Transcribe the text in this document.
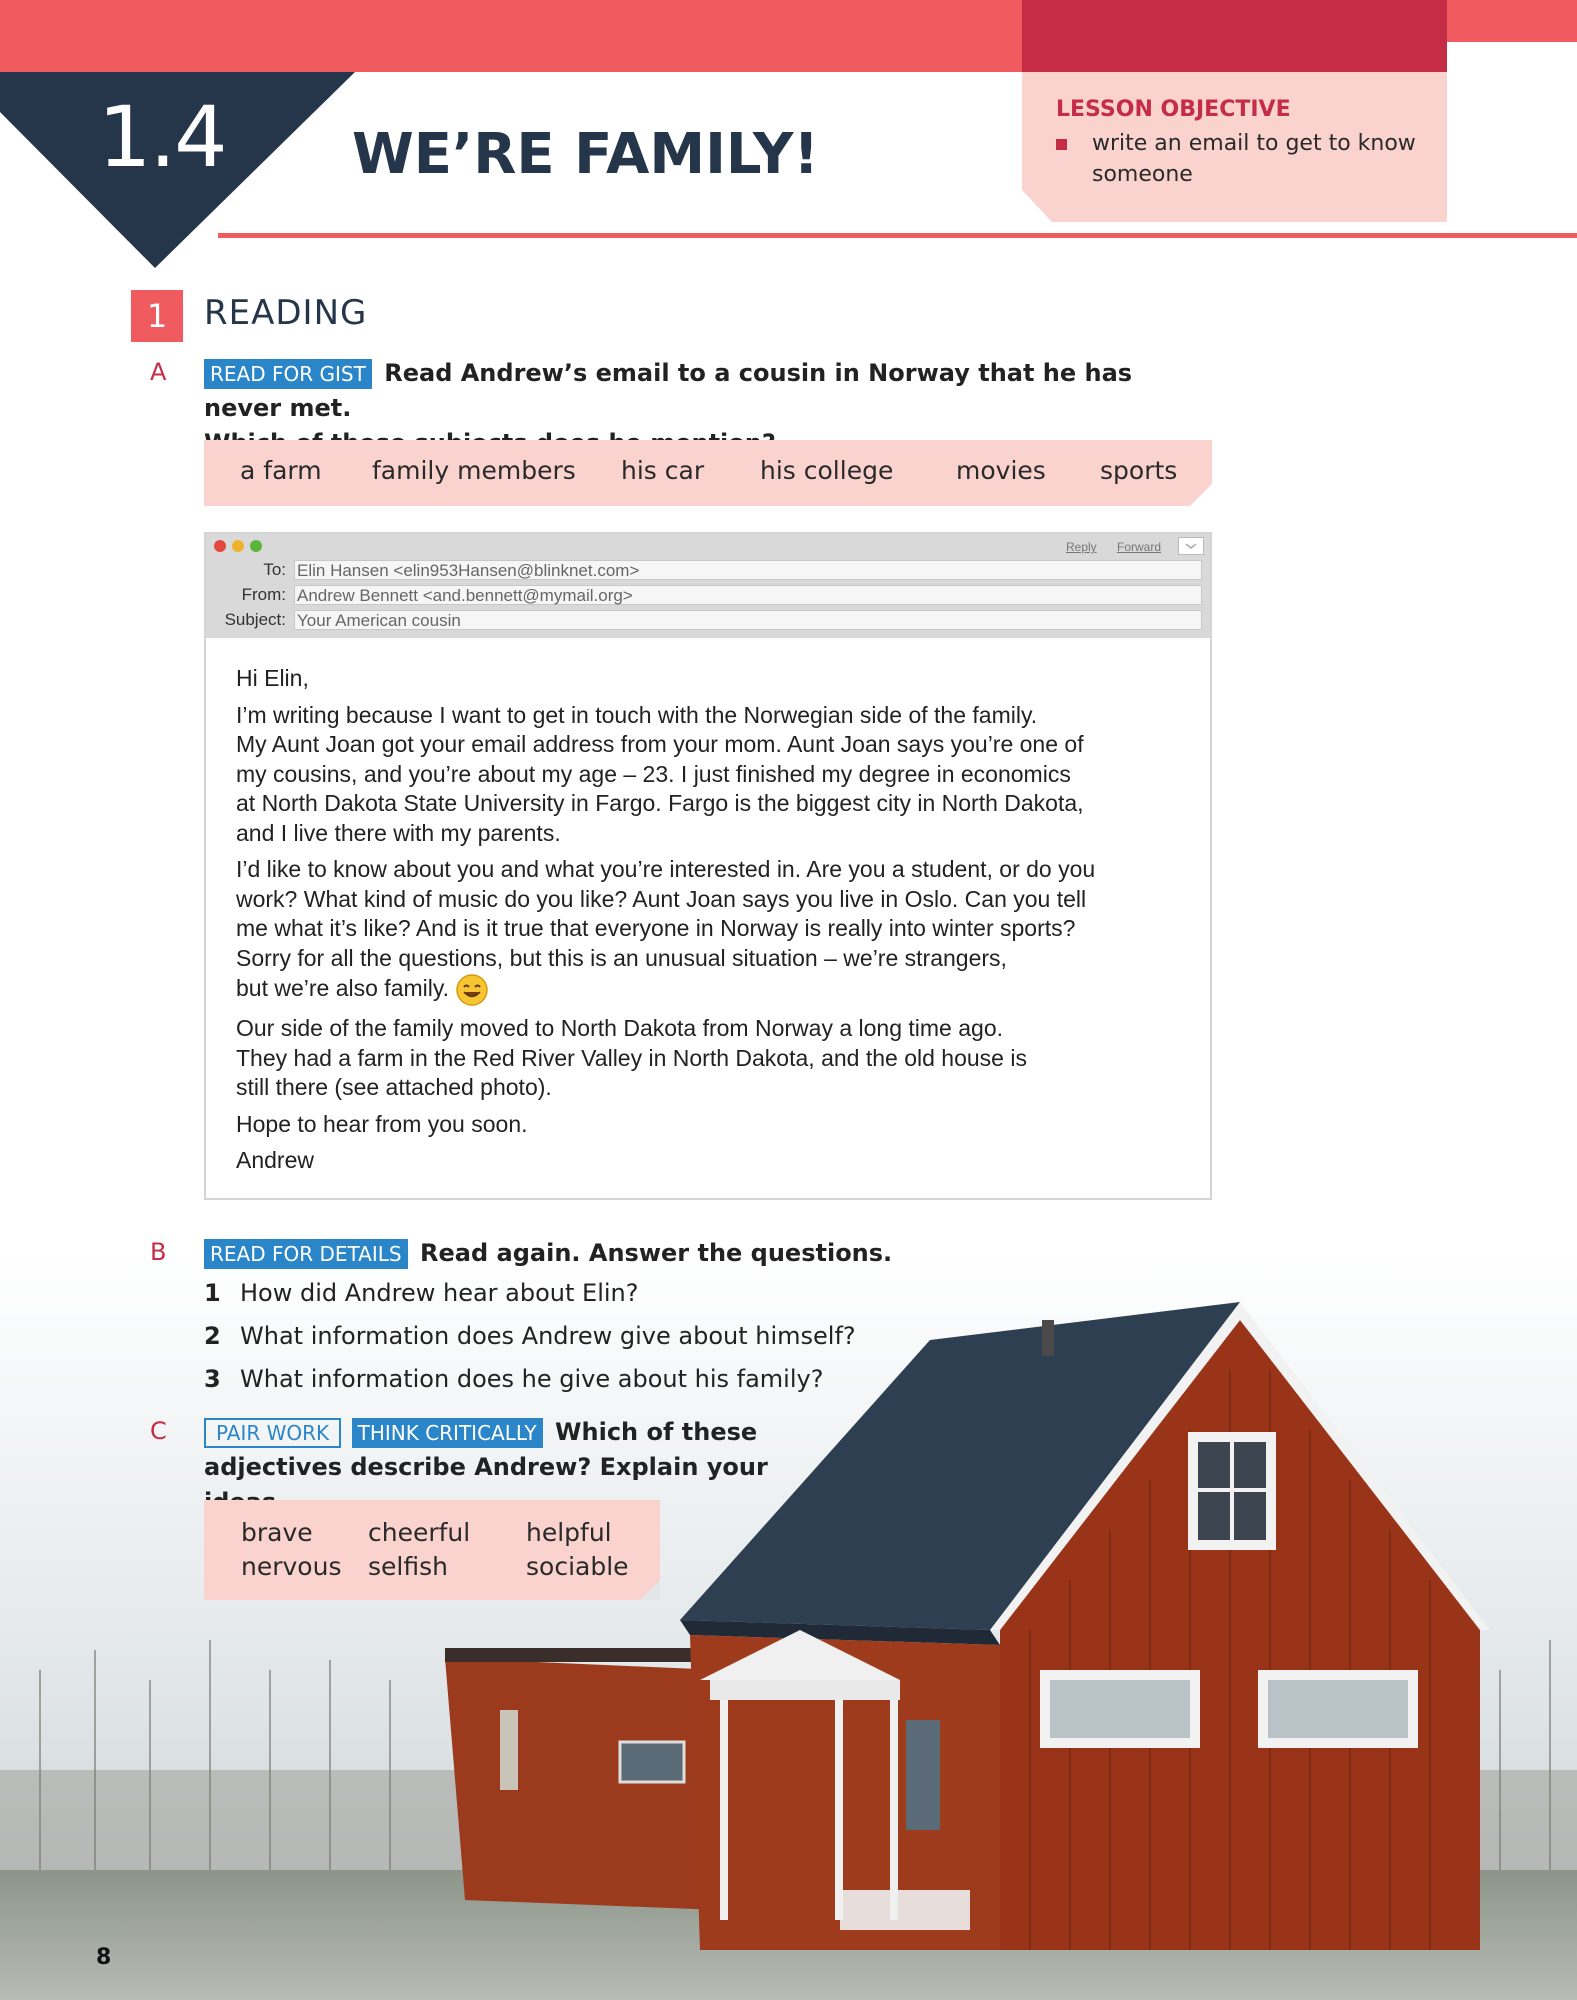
1.4 WE’RE FAMILY!
LESSON OBJECTIVE
write an email to get to know someone
1	READING
A	READ FOR GIST Read Andrew’s email to a cousin in Norway that he has never met.

a farm family members his car his college	movies sports
Reply Forward
To: Elin Hansen <elin953Hansen@blinknet.com>
From: Andrew Bennett <and.bennett@mymail.org>
Subject: Your American cousin

Hi Elin,

I’m writing because I want to get in touch with the Norwegian side of the family.
My Aunt Joan got your email address from your mom. Aunt Joan says you’re one of
my cousins, and you’re about my age – 23. I just finished my degree in economics
at North Dakota State University in Fargo. Fargo is the biggest city in North Dakota,
and I live there with my parents.

I’d like to know about you and what you’re interested in. Are you a student, or do you
work? What kind of music do you like? Aunt Joan says you live in Oslo. Can you tell
me what it’s like? And is it true that everyone in Norway is really into winter sports?
Sorry for all the questions, but this is an unusual situation – we’re strangers,
but we’re also family.

Our side of the family moved to North Dakota from Norway a long time ago.
They had a farm in the Red River Valley in North Dakota, and the old house is
still there (see attached photo).

Hope to hear from you soon.

Andrew

B	READ FOR DETAILS Read again. Answer the questions.
1 How did Andrew hear about Elin?
2 What information does Andrew give about himself?
3 What information does he give about his family?
C	PAIR WORK THINK CRITICALLY Which of these
adjectives describe Andrew? Explain your
brave cheerful helpful
nervous selfish	sociable
8
